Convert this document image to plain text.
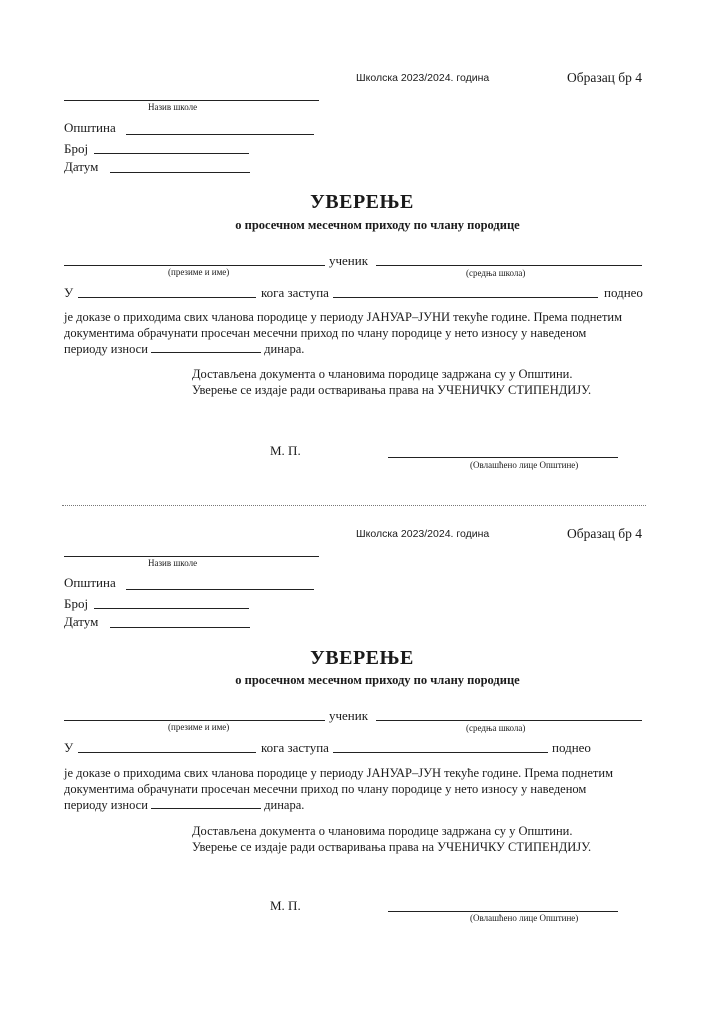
Школска 2023/2024. година	Образац бр 4
Назив школе
Општина
Број
Датум
УВЕРЕЊЕ
о просечном месечном приходу по члану породице
ученик
(презиме и име)	(средња школа)
У	кога заступа	поднео
је доказе о приходима свих чланова породице у периоду ЈАНУАР–ЈУНИ текуће године. Према поднетим
документима обрачунати просечан месечни приход по члану породице у нето износу у наведеном
периоду износи	динара.
Достављена документа о члановима породице задржана су у Општини.
Уверење се издаје ради остваривања права на УЧЕНИЧКУ СТИПЕНДИЈУ.
М. П.
(Овлашћено лице Општине)
Школска 2023/2024. година	Образац бр 4
Назив школе
Општина
Број
Датум
УВЕРЕЊЕ
о просечном месечном приходу по члану породице
ученик
(презиме и име)	(средња школа)
У	кога заступа	поднео
је доказе о приходима свих чланова породице у периоду ЈАНУАР–ЈУН текуће године. Према поднетим
документима обрачунати просечан месечни приход по члану породице у нето износу у наведеном
периоду износи	динара.
Достављена документа о члановима породице задржана су у Општини.
Уверење се издаје ради остваривања права на УЧЕНИЧКУ СТИПЕНДИЈУ.
М. П.
(Овлашћено лице Општине)
